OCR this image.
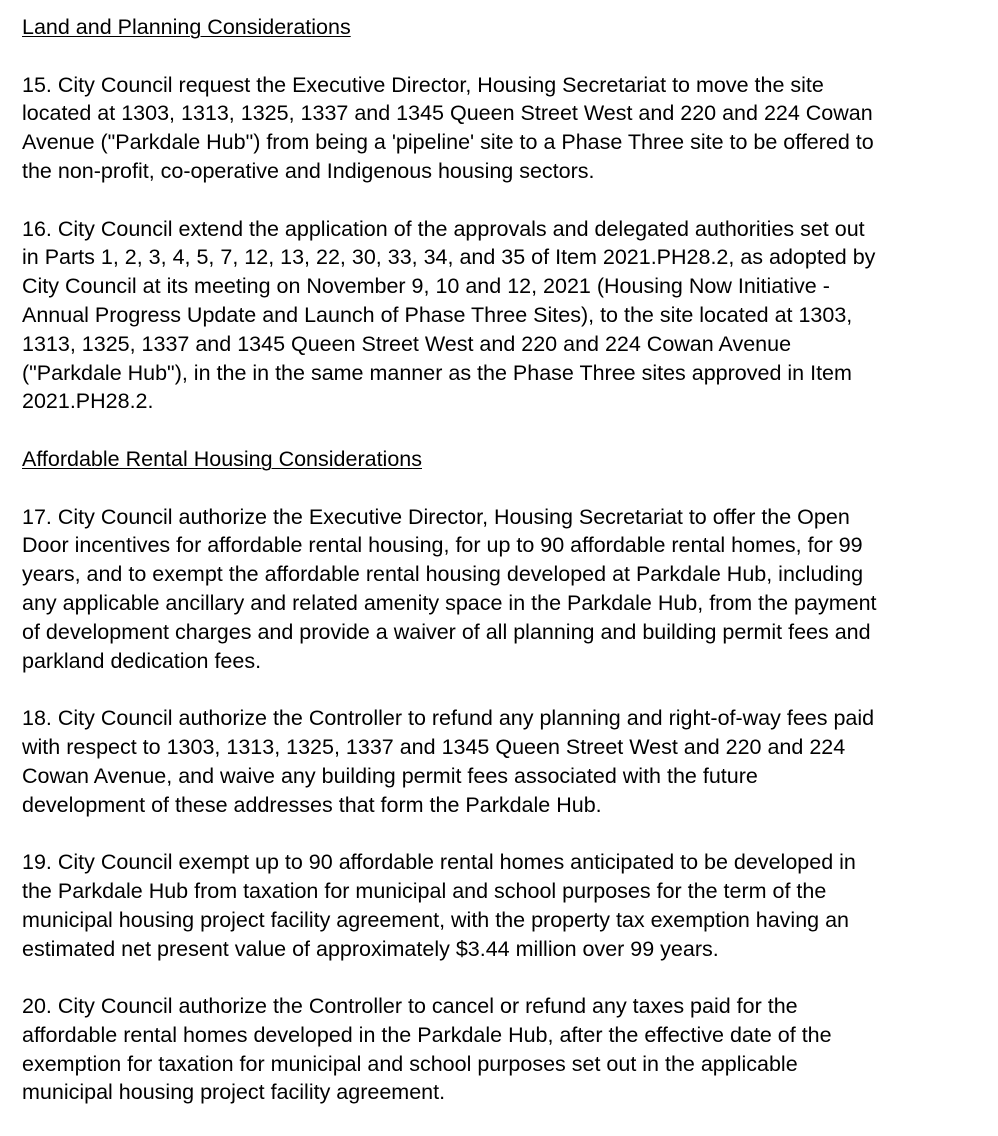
Land and Planning Considerations

15. City Council request the Executive Director, Housing Secretariat to move the site
located at 1303, 1313, 1325, 1337 and 1345 Queen Street West and 220 and 224 Cowan
Avenue ("Parkdale Hub") from being a 'pipeline' site to a Phase Three site to be offered to
the non-profit, co-operative and Indigenous housing sectors.

16. City Council extend the application of the approvals and delegated authorities set out
in Parts 1, 2, 3, 4, 5, 7, 12, 13, 22, 30, 33, 34, and 35 of Item 2021.PH28.2, as adopted by
City Council at its meeting on November 9, 10 and 12, 2021 (Housing Now Initiative -
Annual Progress Update and Launch of Phase Three Sites), to the site located at 1303,
1313, 1325, 1337 and 1345 Queen Street West and 220 and 224 Cowan Avenue
("Parkdale Hub"), in the in the same manner as the Phase Three sites approved in Item
2021.PH28.2.

Affordable Rental Housing Considerations

17. City Council authorize the Executive Director, Housing Secretariat to offer the Open
Door incentives for affordable rental housing, for up to 90 affordable rental homes, for 99
years, and to exempt the affordable rental housing developed at Parkdale Hub, including
any applicable ancillary and related amenity space in the Parkdale Hub, from the payment
of development charges and provide a waiver of all planning and building permit fees and
parkland dedication fees.

18. City Council authorize the Controller to refund any planning and right-of-way fees paid
with respect to 1303, 1313, 1325, 1337 and 1345 Queen Street West and 220 and 224
Cowan Avenue, and waive any building permit fees associated with the future
development of these addresses that form the Parkdale Hub.

19. City Council exempt up to 90 affordable rental homes anticipated to be developed in
the Parkdale Hub from taxation for municipal and school purposes for the term of the
municipal housing project facility agreement, with the property tax exemption having an
estimated net present value of approximately $3.44 million over 99 years.

20. City Council authorize the Controller to cancel or refund any taxes paid for the
affordable rental homes developed in the Parkdale Hub, after the effective date of the
exemption for taxation for municipal and school purposes set out in the applicable
municipal housing project facility agreement.
